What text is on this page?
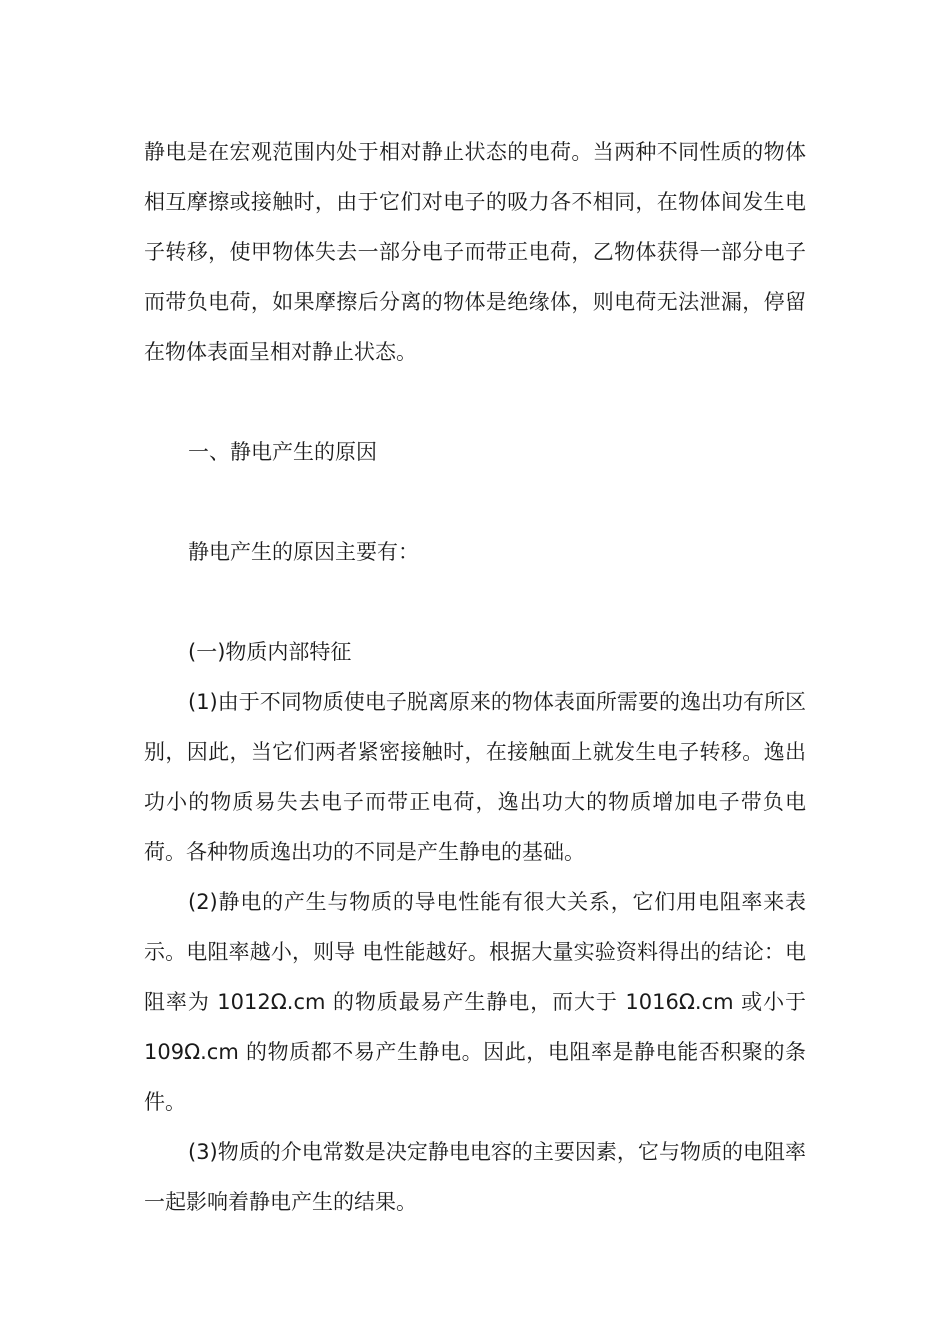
静电是在宏观范围内处于相对静止状态的电荷。当两种不同性质的物体相互摩擦或接触时，由于它们对电子的吸力各不相同，在物体间发生电子转移，使甲物体失去一部分电子而带正电荷，乙物体获得一部分电子而带负电荷，如果摩擦后分离的物体是绝缘体，则电荷无法泄漏，停留在物体表面呈相对静止状态。

一、静电产生的原因

静电产生的原因主要有：

(一)物质内部特征

(1)由于不同物质使电子脱离原来的物体表面所需要的逸出功有所区别，因此，当它们两者紧密接触时，在接触面上就发生电子转移。逸出功小的物质易失去电子而带正电荷，逸出功大的物质增加电子带负电荷。各种物质逸出功的不同是产生静电的基础。

(2)静电的产生与物质的导电性能有很大关系，它们用电阻率来表示。电阻率越小，则导 电性能越好。根据大量实验资料得出的结论：电阻率为 1012Ω.cm 的物质最易产生静电，而大于 1016Ω.cm 或小于 109Ω.cm 的物质都不易产生静电。因此，电阻率是静电能否积聚的条件。

(3)物质的介电常数是决定静电电容的主要因素，它与物质的电阻率一起影响着静电产生的结果。
